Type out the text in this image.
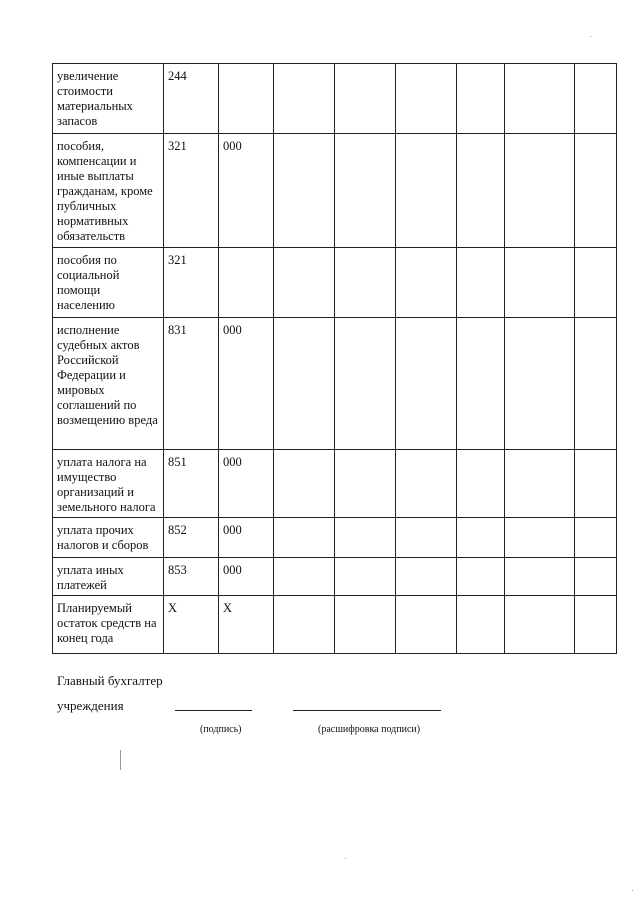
увеличение стоимости материальных запасов	244							
пособия, компенсации и иные выплаты гражданам, кроме публичных нормативных обязательств	321	000						
пособия по социальной помощи населению	321							
исполнение судебных актов Российской Федерации и мировых соглашений по возмещению вреда	831	000						
уплата налога на имущество организаций и земельного налога	851	000						
уплата прочих налогов и сборов	852	000						
уплата иных платежей	853	000						
Планируемый остаток средств на конец года	Х	Х						
Главный бухгалтер
учреждения
(подпись)	(расшифровка подписи)
